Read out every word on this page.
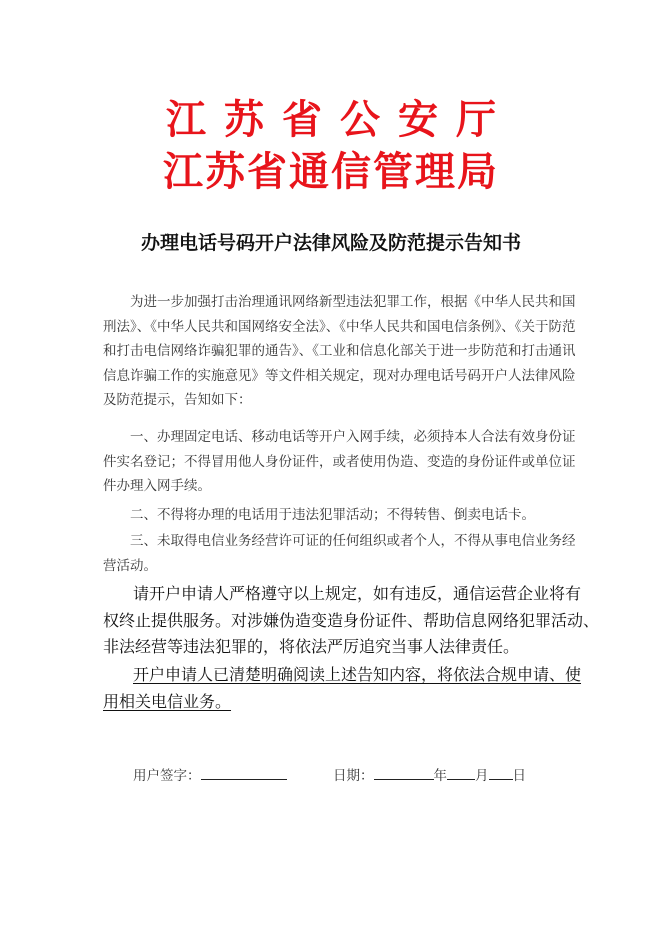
江苏省公安厅
江苏省通信管理局
办理电话号码开户法律风险及防范提示告知书
为进一步加强打击治理通讯网络新型违法犯罪工作，根据《中华人民共和国
刑法》、《中华人民共和国网络安全法》、《中华人民共和国电信条例》、《关于防范
和打击电信网络诈骗犯罪的通告》、《工业和信息化部关于进一步防范和打击通讯
信息诈骗工作的实施意见》等文件相关规定，现对办理电话号码开户人法律风险
及防范提示，告知如下：
一、办理固定电话、移动电话等开户入网手续，必须持本人合法有效身份证
件实名登记；不得冒用他人身份证件，或者使用伪造、变造的身份证件或单位证
件办理入网手续。
二、不得将办理的电话用于违法犯罪活动；不得转售、倒卖电话卡。
三、未取得电信业务经营许可证的任何组织或者个人，不得从事电信业务经
营活动。
请开户申请人严格遵守以上规定，如有违反，通信运营企业将有
权终止提供服务。对涉嫌伪造变造身份证件、帮助信息网络犯罪活动、
非法经营等违法犯罪的，将依法严厉追究当事人法律责任。
开户申请人已清楚明确阅读上述告知内容，将依法合规申请、使
用相关电信业务。
用户签字：	日期：	年 月 日
